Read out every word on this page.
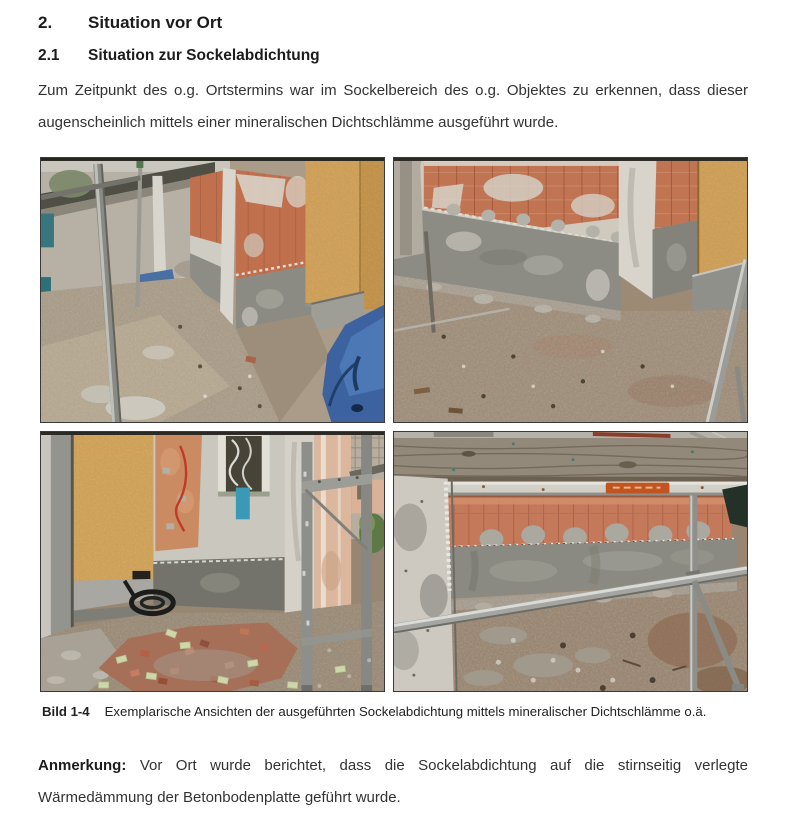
2. Situation vor Ort
2.1 Situation zur Sockelabdichtung

Zum Zeitpunkt des o.g. Ortstermins war im Sockelbereich des o.g. Objektes zu erkennen, dass dieser augenscheinlich mittels einer mineralischen Dichtschlämme ausgeführt wurde.

Bild 1-4 Exemplarische Ansichten der ausgeführten Sockelabdichtung mittels mineralischer Dichtschlämme o.ä.

Anmerkung: Vor Ort wurde berichtet, dass die Sockelabdichtung auf die stirnseitig verlegte Wärmedämmung der Betonbodenplatte geführt wurde.
